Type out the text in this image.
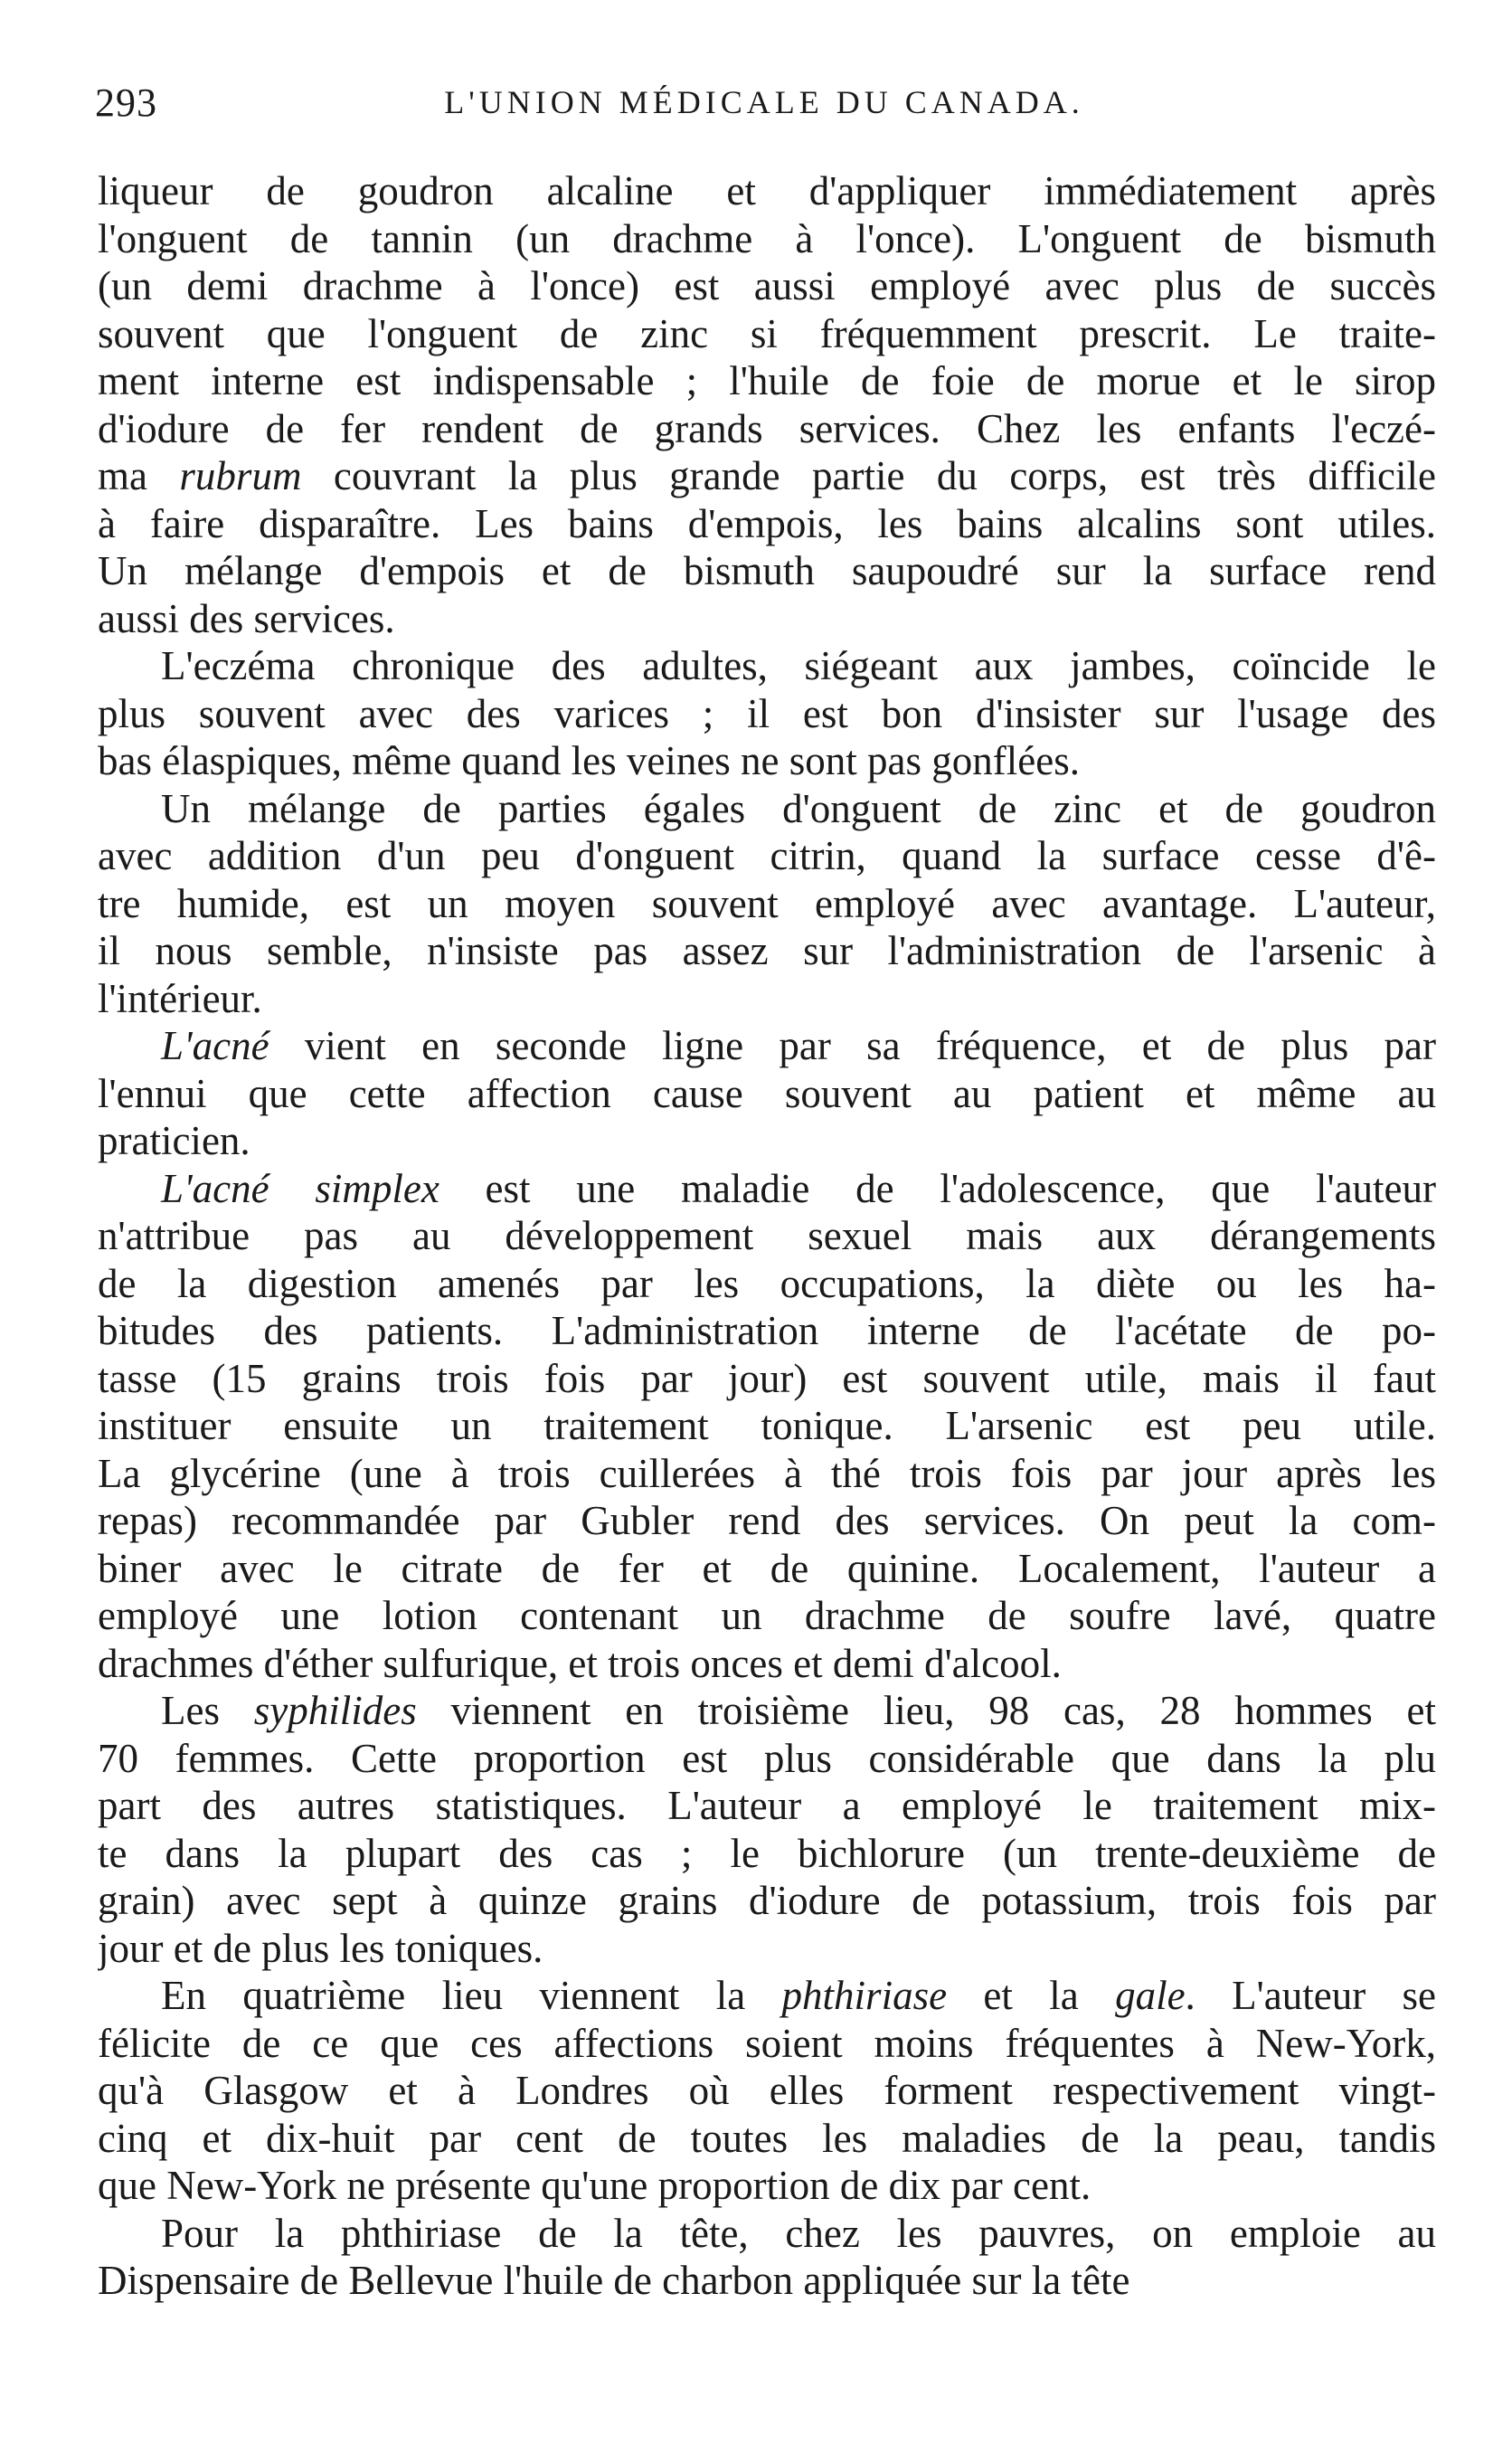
293	L'UNION MÉDICALE DU CANADA.
liqueur de goudron alcaline et d'appliquer immédiatement après
l'onguent de tannin (un drachme à l'once). L'onguent de bismuth
(un demi drachme à l'once) est aussi employé avec plus de succès
souvent que l'onguent de zinc si fréquemment prescrit. Le traite-
ment interne est indispensable ; l'huile de foie de morue et le sirop
d'iodure de fer rendent de grands services. Chez les enfants l'eczé-
ma rubrum couvrant la plus grande partie du corps, est très difficile
à faire disparaître. Les bains d'empois, les bains alcalins sont utiles.
Un mélange d'empois et de bismuth saupoudré sur la surface rend
aussi des services.
L'eczéma chronique des adultes, siégeant aux jambes, coïncide le
plus souvent avec des varices ; il est bon d'insister sur l'usage des
bas élaspiques, même quand les veines ne sont pas gonflées.
Un mélange de parties égales d'onguent de zinc et de goudron
avec addition d'un peu d'onguent citrin, quand la surface cesse d'ê-
tre humide, est un moyen souvent employé avec avantage. L'auteur,
il nous semble, n'insiste pas assez sur l'administration de l'arsenic à
l'intérieur.
L'acné vient en seconde ligne par sa fréquence, et de plus par
l'ennui que cette affection cause souvent au patient et même au
praticien.
L'acné simplex est une maladie de l'adolescence, que l'auteur
n'attribue pas au développement sexuel mais aux dérangements
de la digestion amenés par les occupations, la diète ou les ha-
bitudes des patients. L'administration interne de l'acétate de po-
tasse (15 grains trois fois par jour) est souvent utile, mais il faut
instituer ensuite un traitement tonique. L'arsenic est peu utile.
La glycérine (une à trois cuillerées à thé trois fois par jour après les
repas) recommandée par Gubler rend des services. On peut la com-
biner avec le citrate de fer et de quinine. Localement, l'auteur a
employé une lotion contenant un drachme de soufre lavé, quatre
drachmes d'éther sulfurique, et trois onces et demi d'alcool.
Les syphilides viennent en troisième lieu, 98 cas, 28 hommes et
70 femmes. Cette proportion est plus considérable que dans la plu
part des autres statistiques. L'auteur a employé le traitement mix-
te dans la plupart des cas ; le bichlorure (un trente-deuxième de
grain) avec sept à quinze grains d'iodure de potassium, trois fois par
jour et de plus les toniques.
En quatrième lieu viennent la phthiriase et la gale. L'auteur se
félicite de ce que ces affections soient moins fréquentes à New-York,
qu'à Glasgow et à Londres où elles forment respectivement vingt-
cinq et dix-huit par cent de toutes les maladies de la peau, tandis
que New-York ne présente qu'une proportion de dix par cent.
Pour la phthiriase de la tête, chez les pauvres, on emploie au
Dispensaire de Bellevue l'huile de charbon appliquée sur la tête
